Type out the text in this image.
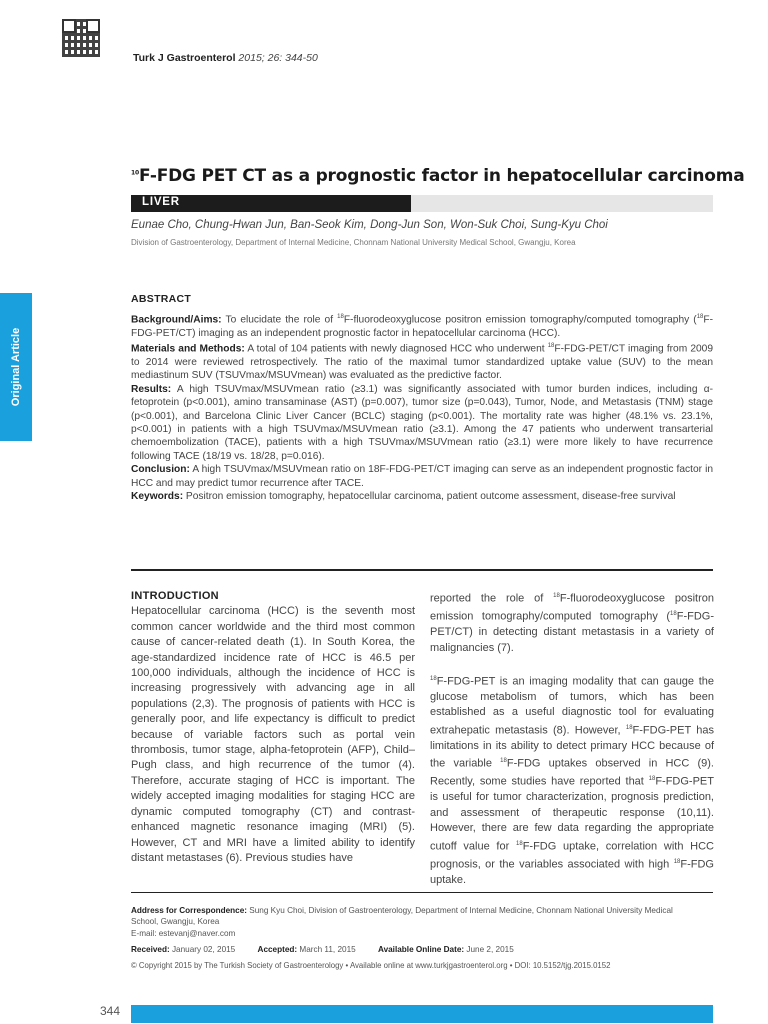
Turk J Gastroenterol 2015; 26: 344-50
$^{10}$F-FDG PET CT as a prognostic factor in hepatocellular carcinoma
LIVER
Eunae Cho, Chung-Hwan Jun, Ban-Seok Kim, Dong-Jun Son, Won-Suk Choi, Sung-Kyu Choi
Division of Gastroenterology, Department of Internal Medicine, Chonnam National University Medical School, Gwangju, Korea
Original Article
ABSTRACT

Background/Aims: To elucidate the role of $^{18}$F-fluorodeoxyglucose positron emission tomography/computed tomography ($^{18}$F-FDG-PET/CT) imaging as an independent prognostic factor in hepatocellular carcinoma (HCC).

Materials and Methods: A total of 104 patients with newly diagnosed HCC who underwent $^{18}$F-FDG-PET/CT imaging from 2009 to 2014 were reviewed retrospectively. The ratio of the maximal tumor standardized uptake value (SUV) to the mean mediastinum SUV (TSUVmax/MSUVmean) was evaluated as the predictive factor.

Results: A high TSUVmax/MSUVmean ratio (≥3.1) was significantly associated with tumor burden indices, including α-fetoprotein (p<0.001), amino transaminase (AST) (p=0.007), tumor size (p=0.043), Tumor, Node, and Metastasis (TNM) stage (p<0.001), and Barcelona Clinic Liver Cancer (BCLC) staging (p<0.001). The mortality rate was higher (48.1% vs. 23.1%, p<0.001) in patients with a high TSUVmax/MSUVmean ratio (≥3.1). Among the 47 patients who underwent transarterial chemoembolization (TACE), patients with a high TSUVmax/MSUVmean ratio (≥3.1) were more likely to have recurrence following TACE (18/19 vs. 18/28, p=0.016).

Conclusion: A high TSUVmax/MSUVmean ratio on 18F-FDG-PET/CT imaging can serve as an independent prognostic factor in HCC and may predict tumor recurrence after TACE.

Keywords: Positron emission tomography, hepatocellular carcinoma, patient outcome assessment, disease-free survival

INTRODUCTION

Hepatocellular carcinoma (HCC) is the seventh most common cancer worldwide and the third most common cause of cancer-related death (1). In South Korea, the age-standardized incidence rate of HCC is 46.5 per 100,000 individuals, although the incidence of HCC is increasing progressively with advancing age in all populations (2,3). The prognosis of patients with HCC is generally poor, and life expectancy is difficult to predict because of variable factors such as portal vein thrombosis, tumor stage, alpha-fetoprotein (AFP), Child–Pugh class, and high recurrence of the tumor (4). Therefore, accurate staging of HCC is important. The widely accepted imaging modalities for staging HCC are dynamic computed tomography (CT) and contrast-enhanced magnetic resonance imaging (MRI) (5). However, CT and MRI have a limited ability to identify distant metastases (6). Previous studies have

reported the role of $^{18}$F-fluorodeoxyglucose positron emission tomography/computed tomography ($^{18}$F-FDG-PET/CT) in detecting distant metastasis in a variety of malignancies (7).

$^{18}$F-FDG-PET is an imaging modality that can gauge the glucose metabolism of tumors, which has been established as a useful diagnostic tool for evaluating extrahepatic metastasis (8). However, $^{18}$F-FDG-PET has limitations in its ability to detect primary HCC because of the variable $^{18}$F-FDG uptakes observed in HCC (9). Recently, some studies have reported that $^{18}$F-FDG-PET is useful for tumor characterization, prognosis prediction, and assessment of therapeutic response (10,11). However, there are few data regarding the appropriate cutoff value for $^{18}$F-FDG uptake, correlation with HCC prognosis, or the variables associated with high $^{18}$F-FDG uptake.

Address for Correspondence: Sung Kyu Choi, Division of Gastroenterology, Department of Internal Medicine, Chonnam National University Medical School, Gwangju, Korea
E-mail: estevanj@naver.com
Received: January 02, 2015	Accepted: March 11, 2015	Available Online Date: June 2, 2015
© Copyright 2015 by The Turkish Society of Gastroenterology • Available online at www.turkjgastroenterol.org • DOI: 10.5152/tjg.2015.0152
344
